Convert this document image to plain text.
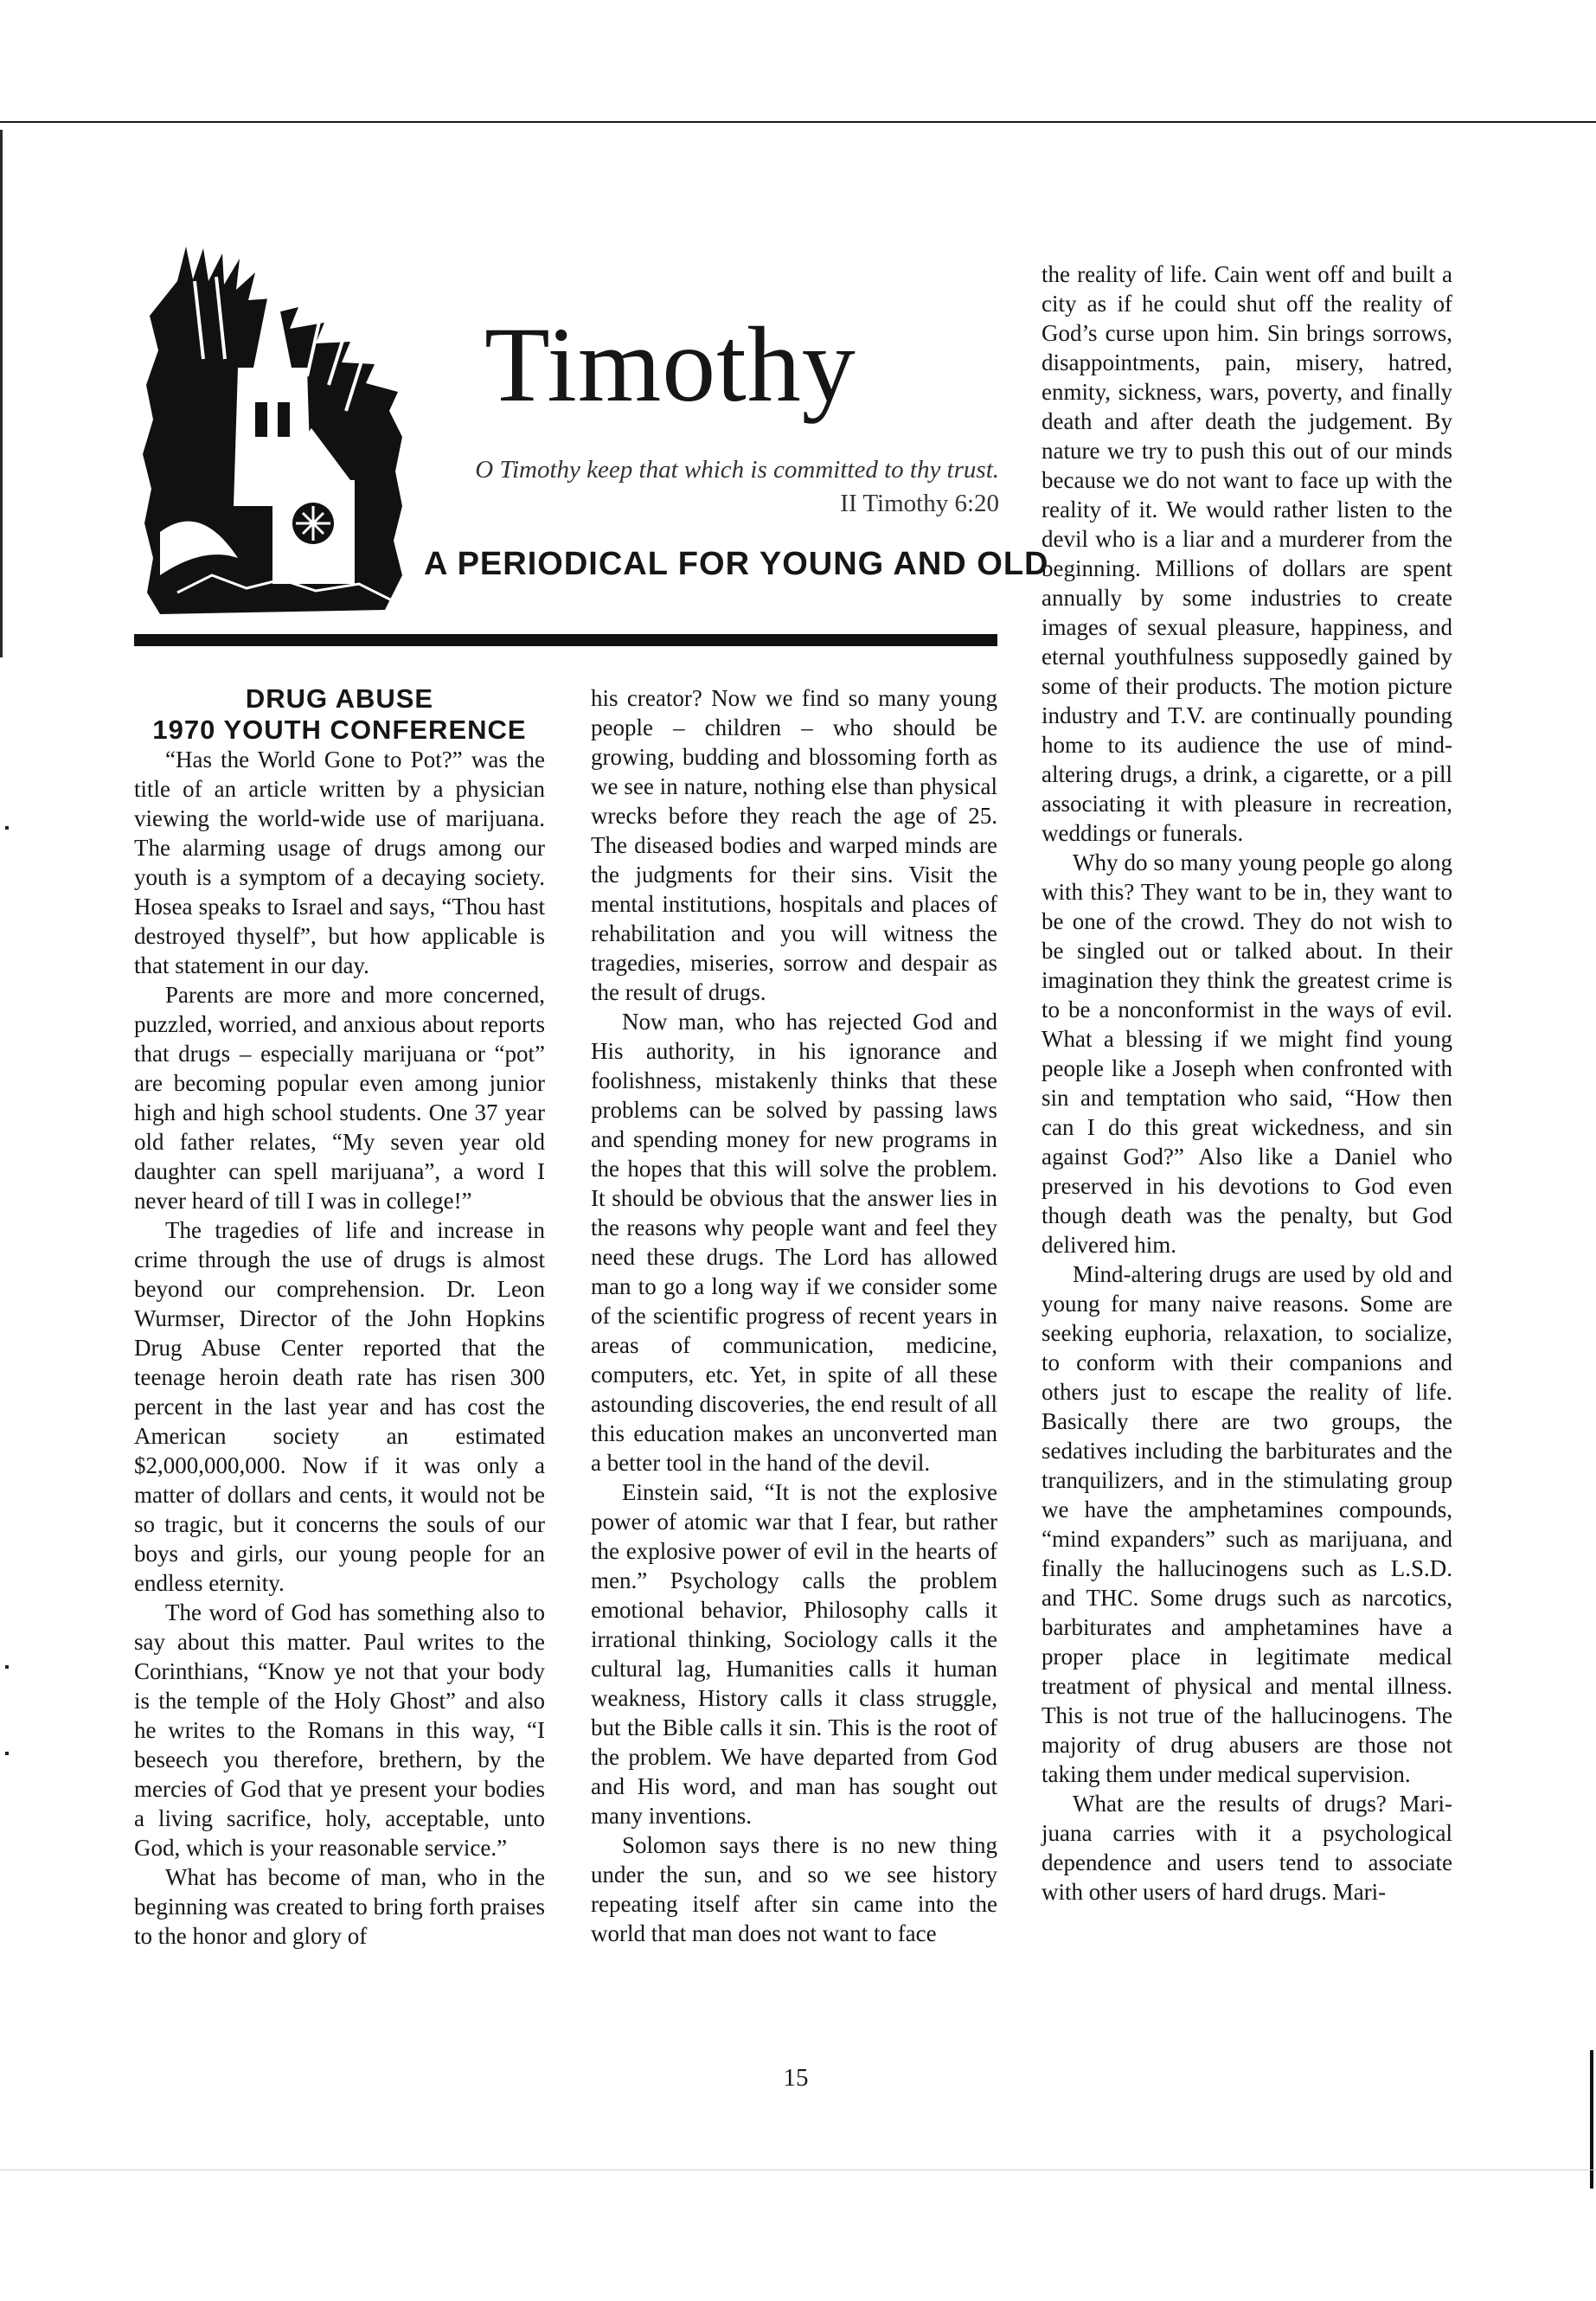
Timothy
O Timothy keep that which is committed to thy trust.
II Timothy 6:20
A PERIODICAL FOR YOUNG AND OLD

DRUG ABUSE

1970 YOUTH CONFERENCE

“Has the World Gone to Pot?” was the title of an article written by a physician viewing the world-wide use of marijuana. The alarming usage of drugs among our youth is a symptom of a decaying society. Hosea speaks to Israel and says, “Thou hast destroyed thyself”, but how applicable is that statement in our day.

Parents are more and more concerned, puzzled, worried, and anxious about reports that drugs – especially marijuana or “pot” are becoming popular even among junior high and high school students. One 37 year old father relates, “My seven year old daughter can spell marijuana”, a word I never heard of till I was in college!”

The tragedies of life and increase in crime through the use of drugs is almost beyond our comprehension. Dr. Leon Wurmser, Director of the John Hopkins Drug Abuse Center reported that the teenage heroin death rate has risen 300 percent in the last year and has cost the American society an estimated $2,000,000,000. Now if it was only a matter of dollars and cents, it would not be so tragic, but it concerns the souls of our boys and girls, our young people for an endless eternity.

The word of God has something also to say about this matter. Paul writes to the Corinthians, “Know ye not that your body is the temple of the Holy Ghost” and also he writes to the Romans in this way, “I beseech you therefore, brethern, by the mercies of God that ye present your bodies a living sacrifice, holy, acceptable, unto God, which is your reasonable service.”

What has become of man, who in the beginning was created to bring forth praises to the honor and glory of

his creator? Now we find so many young people – children – who should be growing, budding and blossoming forth as we see in nature, nothing else than physical wrecks before they reach the age of 25. The diseased bodies and warped minds are the judgments for their sins. Visit the mental institutions, hospitals and places of rehabilitation and you will witness the tragedies, miseries, sorrow and despair as the result of drugs.

Now man, who has rejected God and His authority, in his ignorance and foolishness, mistakenly thinks that these problems can be solved by passing laws and spending money for new programs in the hopes that this will solve the problem. It should be obvious that the answer lies in the reasons why people want and feel they need these drugs. The Lord has allowed man to go a long way if we consider some of the scientific progress of recent years in areas of communication, medicine, computers, etc. Yet, in spite of all these astounding discoveries, the end result of all this education makes an unconverted man a better tool in the hand of the devil.

Einstein said, “It is not the explosive power of atomic war that I fear, but rather the explosive power of evil in the hearts of men.” Psychology calls the problem emotional behavior, Philosophy calls it irrational thinking, Sociology calls it the cultural lag, Humanities calls it human weakness, History calls it class struggle, but the Bible calls it sin. This is the root of the problem. We have departed from God and His word, and man has sought out many inventions.

Solomon says there is no new thing under the sun, and so we see history repeating itself after sin came into the world that man does not want to face

the reality of life. Cain went off and built a city as if he could shut off the reality of God’s curse upon him. Sin brings sorrows, disappointments, pain, misery, hatred, enmity, sickness, wars, poverty, and finally death and after death the judgement. By nature we try to push this out of our minds because we do not want to face up with the reality of it. We would rather listen to the devil who is a liar and a murderer from the beginning. Millions of dollars are spent annually by some industries to create images of sexual pleasure, happiness, and eternal youthfulness supposedly gained by some of their products. The motion picture industry and T.V. are continually pounding home to its audience the use of mind-altering drugs, a drink, a cigarette, or a pill associating it with pleasure in recreation, weddings or funerals.

Why do so many young people go along with this? They want to be in, they want to be one of the crowd. They do not wish to be singled out or talked about. In their imagination they think the greatest crime is to be a nonconformist in the ways of evil. What a blessing if we might find young people like a Joseph when confronted with sin and temptation who said, “How then can I do this great wickedness, and sin against God?” Also like a Daniel who preserved in his devotions to God even though death was the penalty, but God delivered him.

Mind-altering drugs are used by old and young for many naive reasons. Some are seeking euphoria, relaxation, to socialize, to conform with their companions and others just to escape the reality of life. Basically there are two groups, the sedatives including the barbiturates and the tranquilizers, and in the stimulating group we have the amphetamines compounds, “mind expanders” such as marijuana, and finally the hallucinogens such as L.S.D. and THC. Some drugs such as narcotics, barbiturates and amphetamines have a proper place in legitimate medical treatment of physical and mental illness. This is not true of the hallucinogens. The majority of drug abusers are those not taking them under medical supervision.

What are the results of drugs? Marijuana carries with it a psychological dependence and users tend to associate with other users of hard drugs. Mari-

15
